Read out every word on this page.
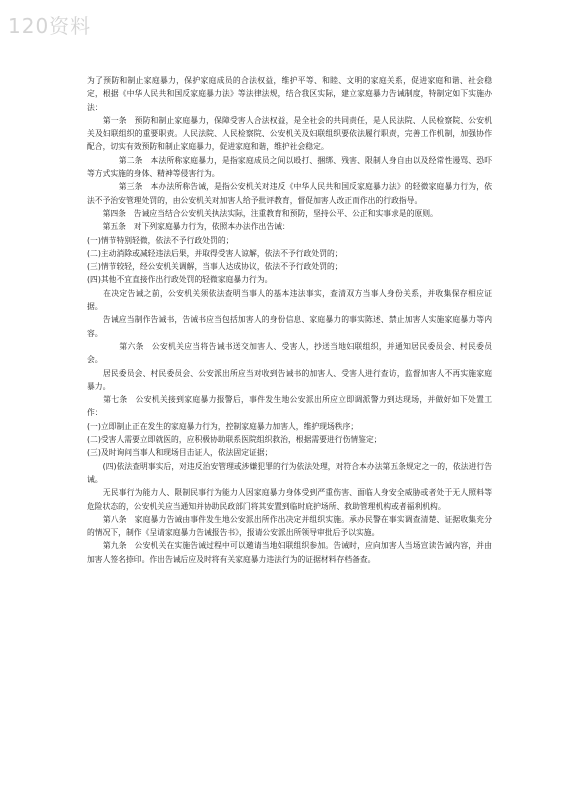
120资料

为了预防和制止家庭暴力，保护家庭成员的合法权益，维护平等、和睦、文明的家庭关系，促进家庭和谐、社会稳定，根据《中华人民共和国反家庭暴力法》等法律法规，结合我区实际，建立家庭暴力告诫制度，特制定如下实施办法：

　　第一条　预防和制止家庭暴力，保障受害人合法权益，是全社会的共同责任，是人民法院、人民检察院、公安机关及妇联组织的重要职责。人民法院、人民检察院、公安机关及妇联组织要依法履行职责，完善工作机制，加强协作配合，切实有效预防和制止家庭暴力，促进家庭和谐，维护社会稳定。

　　　　第二条　本法所称家庭暴力，是指家庭成员之间以殴打、捆绑、残害、限制人身自由以及经常性谩骂、恐吓等方式实施的身体、精神等侵害行为。

　　　　第三条　本办法所称告诫，是指公安机关对违反《中华人民共和国反家庭暴力法》的轻微家庭暴力行为，依法不予治安管理处罚的，由公安机关对加害人给予批评教育，督促加害人改正而作出的行政指导。

　　第四条　告诫应当结合公安机关执法实际，注重教育和预防，坚持公平、公正和实事求是的原则。

　　第五条　对下列家庭暴力行为，依照本办法作出告诫：

(一)情节特别轻微，依法不予行政处罚的；

(二)主动消除或减轻违法后果，并取得受害人谅解，依法不予行政处罚的；

(三)情节较轻，经公安机关调解，当事人达成协议，依法不予行政处罚的；

(四)其他不宜直接作出行政处罚的轻微家庭暴力行为。

　　在决定告诫之前，公安机关须依法查明当事人的基本违法事实，查清双方当事人身份关系，并收集保存相应证据。

　　告诫应当制作告诫书，告诫书应当包括加害人的身份信息、家庭暴力的事实陈述、禁止加害人实施家庭暴力等内容。

　　　　第六条　公安机关应当将告诫书送交加害人、受害人，抄送当地妇联组织，并通知居民委员会、村民委员会。

　　居民委员会、村民委员会、公安派出所应当对收到告诫书的加害人、受害人进行查访，监督加害人不再实施家庭暴力。

　　第七条　公安机关接到家庭暴力报警后，事件发生地公安派出所应立即调派警力到达现场，并做好如下处置工作：

(一)立即制止正在发生的家庭暴力行为，控制家庭暴力加害人，维护现场秩序；

(二)受害人需要立即就医的，应积极协助联系医院组织救治，根据需要进行伤情鉴定；

(三)及时询问当事人和现场目击证人，依法固定证据；

　　(四)依法查明事实后，对违反治安管理或涉嫌犯罪的行为依法处理，对符合本办法第五条规定之一的，依法进行告诫。

　　无民事行为能力人、限制民事行为能力人因家庭暴力身体受到严重伤害、面临人身安全威胁或者处于无人照料等危险状态的，公安机关应当通知并协助民政部门将其安置到临时庇护场所、救助管理机构或者福利机构。

　　第八条　家庭暴力告诫由事件发生地公安派出所作出决定并组织实施。承办民警在事实调查清楚、证据收集充分的情况下，制作《呈请家庭暴力告诫报告书》，报请公安派出所领导审批后予以实施。

　　第九条　公安机关在实施告诫过程中可以邀请当地妇联组织参加。告诫时，应向加害人当场宣读告诫内容，并由加害人签名捺印。作出告诫后应及时将有关家庭暴力违法行为的证据材料存档备查。
